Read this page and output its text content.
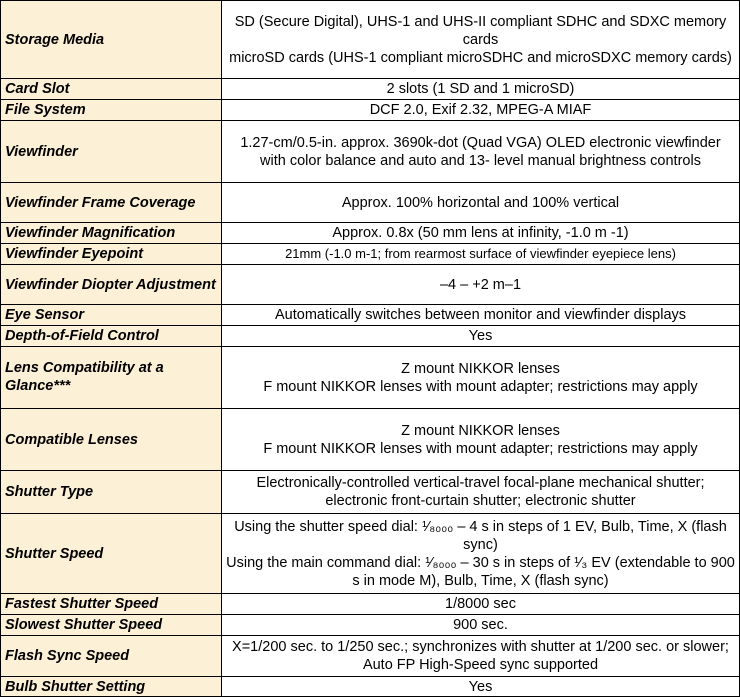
Storage Media	SD (Secure Digital), UHS-1 and UHS-II compliant SDHC and SDXC memory cards
microSD cards (UHS-1 compliant microSDHC and microSDXC memory cards)

Card Slot	2 slots (1 SD and 1 microSD)

File System	DCF 2.0, Exif 2.32, MPEG-A MIAF

Viewfinder	1.27-cm/0.5-in. approx. 3690k-dot (Quad VGA) OLED electronic viewfinder with color balance and auto and 13- level manual brightness controls

Viewfinder Frame Coverage	Approx. 100% horizontal and 100% vertical

Viewfinder Magnification	Approx. 0.8x (50 mm lens at infinity, -1.0 m -1)

Viewfinder Eyepoint	21mm (-1.0 m-1; from rearmost surface of viewfinder eyepiece lens)

Viewfinder Diopter Adjustment	–4 – +2 m–1

Eye Sensor	Automatically switches between monitor and viewfinder displays

Depth-of-Field Control	Yes

Lens Compatibility at a Glance***	Z mount NIKKOR lenses
F mount NIKKOR lenses with mount adapter; restrictions may apply

Compatible Lenses	Z mount NIKKOR lenses
F mount NIKKOR lenses with mount adapter; restrictions may apply

Shutter Type	Electronically-controlled vertical-travel focal-plane mechanical shutter; electronic front-curtain shutter; electronic shutter

Shutter Speed	Using the shutter speed dial: ¹⁄₈₀₀₀ – 4 s in steps of 1 EV, Bulb, Time, X (flash sync)
Using the main command dial: ¹⁄₈₀₀₀ – 30 s in steps of ¹⁄₃ EV (extendable to 900 s in mode M), Bulb, Time, X (flash sync)

Fastest Shutter Speed	1/8000 sec

Slowest Shutter Speed	900 sec.

Flash Sync Speed	X=1/200 sec. to 1/250 sec.; synchronizes with shutter at 1/200 sec. or slower; Auto FP High-Speed sync supported

Bulb Shutter Setting	Yes
